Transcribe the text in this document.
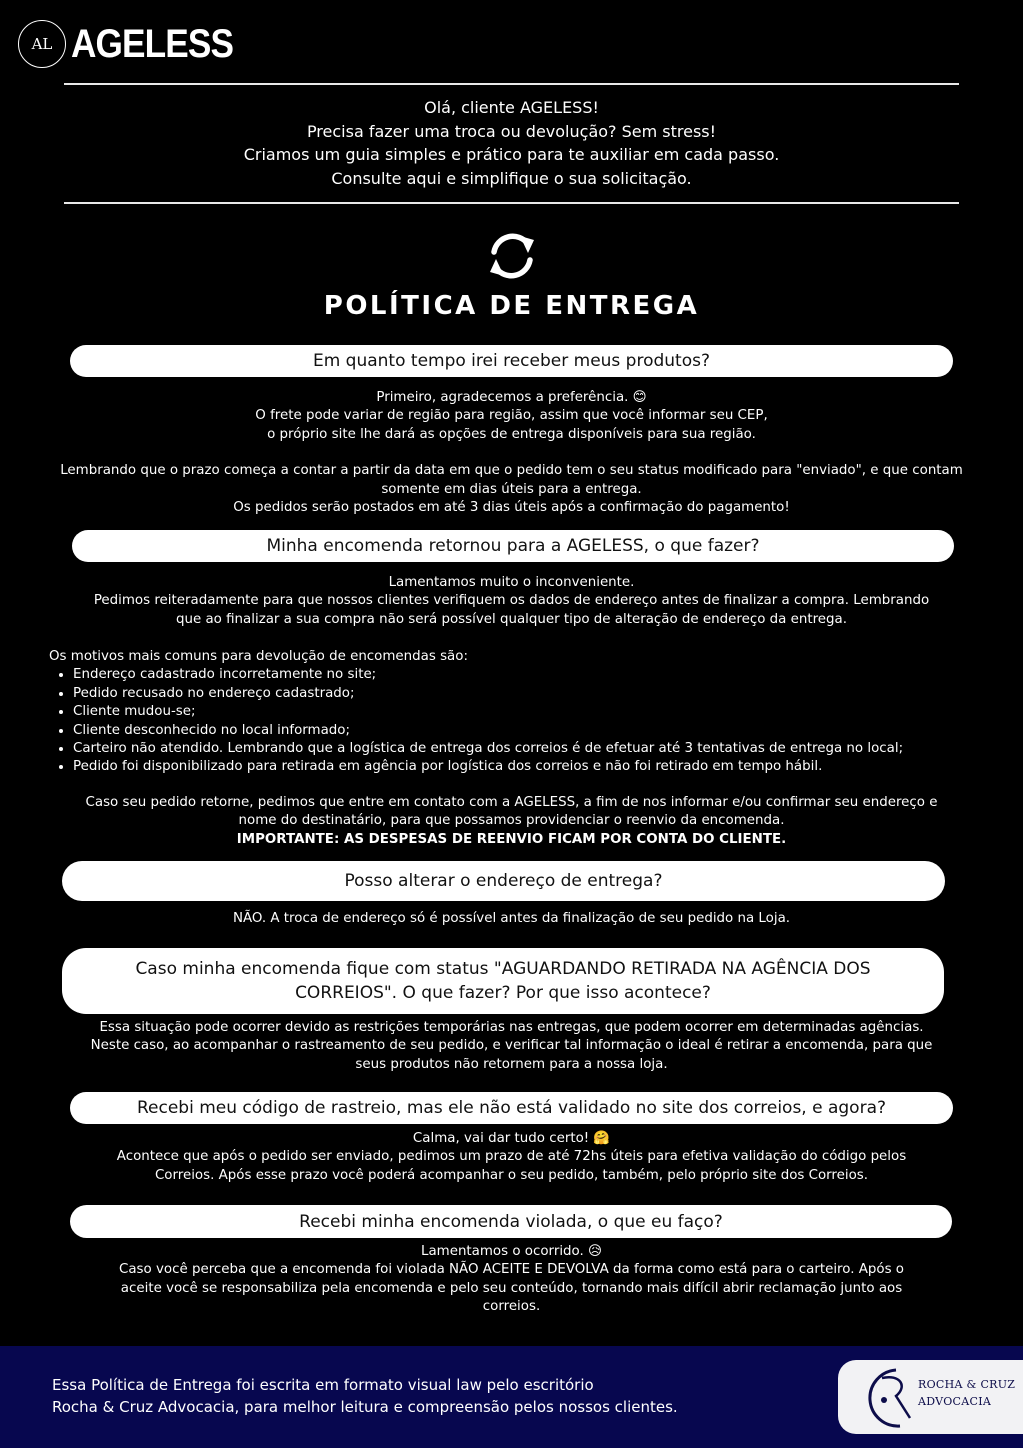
AL AGELESS
Olá, cliente AGELESS!
Precisa fazer uma troca ou devolução? Sem stress!
Criamos um guia simples e prático para te auxiliar em cada passo.
Consulte aqui e simplifique o sua solicitação.
POLÍTICA DE ENTREGA
Em quanto tempo irei receber meus produtos?
Primeiro, agradecemos a preferência. 😊
O frete pode variar de região para região, assim que você informar seu CEP,
o próprio site lhe dará as opções de entrega disponíveis para sua região.
Lembrando que o prazo começa a contar a partir da data em que o pedido tem o seu status modificado para "enviado", e que contam
somente em dias úteis para a entrega.
Os pedidos serão postados em até 3 dias úteis após a confirmação do pagamento!
Minha encomenda retornou para a AGELESS, o que fazer?
Lamentamos muito o inconveniente.
Pedimos reiteradamente para que nossos clientes verifiquem os dados de endereço antes de finalizar a compra. Lembrando
que ao finalizar a sua compra não será possível qualquer tipo de alteração de endereço da entrega.
Os motivos mais comuns para devolução de encomendas são:
• Endereço cadastrado incorretamente no site;
• Pedido recusado no endereço cadastrado;
• Cliente mudou-se;
• Cliente desconhecido no local informado;
• Carteiro não atendido. Lembrando que a logística de entrega dos correios é de efetuar até 3 tentativas de entrega no local;
• Pedido foi disponibilizado para retirada em agência por logística dos correios e não foi retirado em tempo hábil.
Caso seu pedido retorne, pedimos que entre em contato com a AGELESS, a fim de nos informar e/ou confirmar seu endereço e
nome do destinatário, para que possamos providenciar o reenvio da encomenda.
IMPORTANTE: AS DESPESAS DE REENVIO FICAM POR CONTA DO CLIENTE.
Posso alterar o endereço de entrega?
NÃO. A troca de endereço só é possível antes da finalização de seu pedido na Loja.
Caso minha encomenda fique com status "AGUARDANDO RETIRADA NA AGÊNCIA DOS
CORREIOS". O que fazer? Por que isso acontece?
Essa situação pode ocorrer devido as restrições temporárias nas entregas, que podem ocorrer em determinadas agências.
Neste caso, ao acompanhar o rastreamento de seu pedido, e verificar tal informação o ideal é retirar a encomenda, para que
seus produtos não retornem para a nossa loja.
Recebi meu código de rastreio, mas ele não está validado no site dos correios, e agora?
Calma, vai dar tudo certo! 🤗
Acontece que após o pedido ser enviado, pedimos um prazo de até 72hs úteis para efetiva validação do código pelos
Correios. Após esse prazo você poderá acompanhar o seu pedido, também, pelo próprio site dos Correios.
Recebi minha encomenda violada, o que eu faço?
Lamentamos o ocorrido. 😥
Caso você perceba que a encomenda foi violada NÃO ACEITE E DEVOLVA da forma como está para o carteiro. Após o
aceite você se responsabiliza pela encomenda e pelo seu conteúdo, tornando mais difícil abrir reclamação junto aos
correios.
Essa Política de Entrega foi escrita em formato visual law pelo escritório
Rocha & Cruz Advocacia, para melhor leitura e compreensão pelos nossos clientes.
ROCHA & CRUZ
ADVOCACIA
